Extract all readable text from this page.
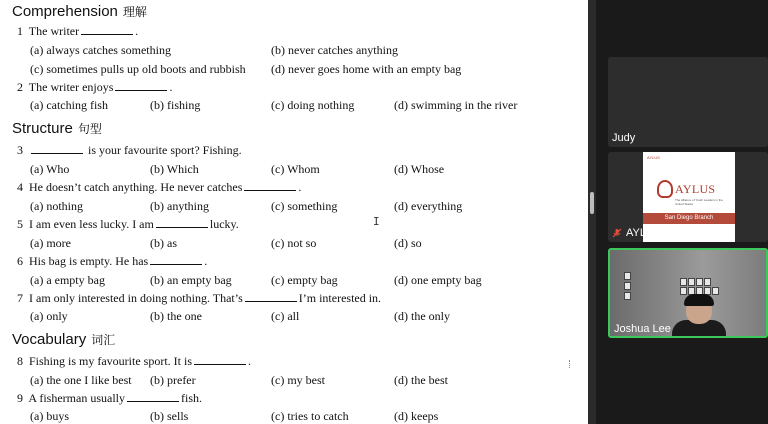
Comprehension 理解
1 The writer	.
(a) always catches something	(b) never catches anything
(c) sometimes pulls up old boots and rubbish (d) never goes home with an empty bag
2 The writer enjoys	.
(a) catching fish	(b) fishing	(c) doing nothing	(d) swimming in the river
Structure 句型
3	is your favourite sport? Fishing.
(a) Who	(b) Which	(c) Whom	(d) Whose
4 He doesn’t catch anything. He never catches	.
(a) nothing	(b) anything	(c) something	(d) everything
5 I am even less lucky. I am	lucky.
(a) more	(b) as	(c) not so	(d) so
6 His bag is empty. He has	.
(a) a empty bag	(b) an empty bag	(c) empty bag	(d) one empty bag
7 I am only interested in doing nothing. That’s	I’m interested in.
(a) only	(b) the one	(c) all	(d) the only
Vocabulary 词汇
8 Fishing is my favourite sport. It is	.
(a) the one I like best (b) prefer	(c) my best	(d) the best
9 A fisherman usually	fish.
(a) buys	(b) sells	(c) tries to catch	(d) keeps
I
Judy
AYLUS
AYLUS
The Alliance of Youth Leaders in the United States
San Diego Branch
AYLUS San Diego
Joshua Lee
